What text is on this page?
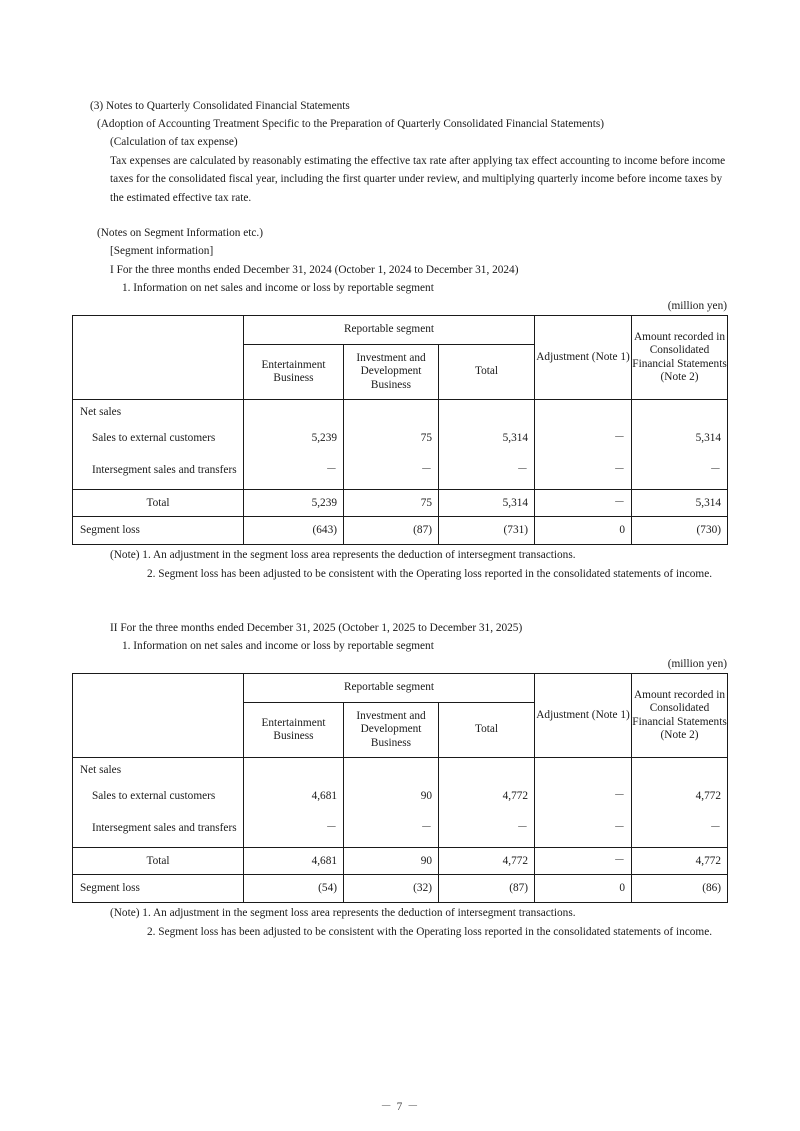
(3) Notes to Quarterly Consolidated Financial Statements
(Adoption of Accounting Treatment Specific to the Preparation of Quarterly Consolidated Financial Statements)
(Calculation of tax expense)
Tax expenses are calculated by reasonably estimating the effective tax rate after applying tax effect accounting to income before income taxes for the consolidated fiscal year, including the first quarter under review, and multiplying quarterly income before income taxes by the estimated effective tax rate.
(Notes on Segment Information etc.)
[Segment information]
I For the three months ended December 31, 2024 (October 1, 2024 to December 31, 2024)
1. Information on net sales and income or loss by reportable segment
(million yen)
	Reportable segment			Adjustment (Note 1)	Amount recorded in Consolidated Financial Statements (Note 2)
	Entertainment Business	Investment and Development Business	Total		
Net sales					
Sales to external customers	5,239	75	5,314	－	5,314
Intersegment sales and transfers	－	－	－	－	－
Total	5,239	75	5,314	－	5,314
Segment loss	(643)	(87)	(731)	0	(730)
(Note) 1. An adjustment in the segment loss area represents the deduction of intersegment transactions.
2. Segment loss has been adjusted to be consistent with the Operating loss reported in the consolidated statements of income.
II For the three months ended December 31, 2025 (October 1, 2025 to December 31, 2025)
1. Information on net sales and income or loss by reportable segment
(million yen)
	Reportable segment			Adjustment (Note 1)	Amount recorded in Consolidated Financial Statements (Note 2)
	Entertainment Business	Investment and Development Business	Total		
Net sales					
Sales to external customers	4,681	90	4,772	－	4,772
Intersegment sales and transfers	－	－	－	－	－
Total	4,681	90	4,772	－	4,772
Segment loss	(54)	(32)	(87)	0	(86)
(Note) 1. An adjustment in the segment loss area represents the deduction of intersegment transactions.
2. Segment loss has been adjusted to be consistent with the Operating loss reported in the consolidated statements of income.
－ 7 －
